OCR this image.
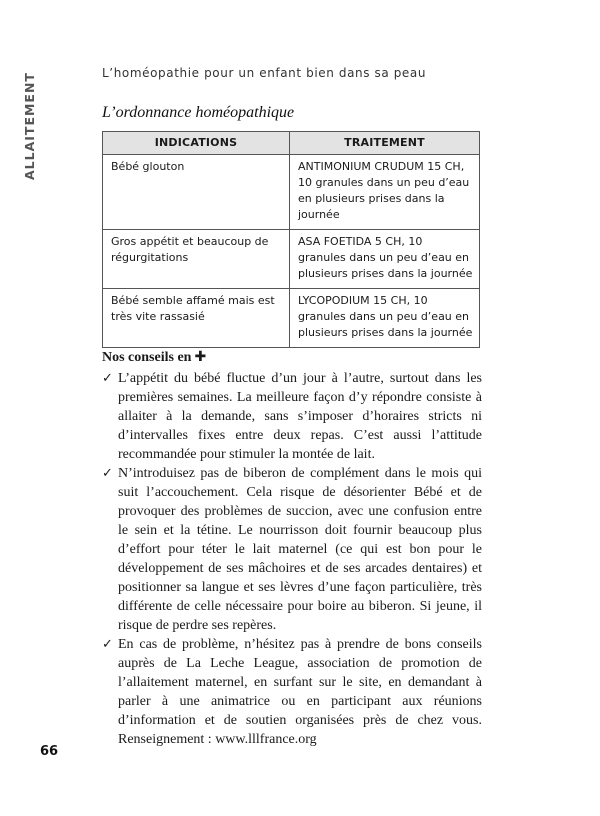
L’homéopathie pour un enfant bien dans sa peau
ALLAITEMENT	L’ordonnance homéopathique
INDICATIONS	TRAITEMENT
Bébé glouton	ANTIMONIUM CRUDUM 15 CH, 10 granules dans un peu d’eau en plusieurs prises dans la journée
Gros appétit et beaucoup de régurgitations	ASA FOETIDA 5 CH, 10 granules dans un peu d’eau en plusieurs prises dans la journée
Bébé semble affamé mais est très vite rassasié	LYCOPODIUM 15 CH, 10 granules dans un peu d’eau en plusieurs prises dans la journée
Nos conseils en ✚
✓ L’appétit du bébé fluctue d’un jour à l’autre, surtout dans les premières semaines. La meilleure façon d’y répondre consiste à allaiter à la demande, sans s’imposer d’horaires stricts ni d’intervalles fixes entre deux repas. C’est aussi l’attitude recommandée pour stimuler la montée de lait.
✓ N’introduisez pas de biberon de complément dans le mois qui suit l’accouchement. Cela risque de désorienter Bébé et de provoquer des problèmes de succion, avec une confusion entre le sein et la tétine. Le nourrisson doit fournir beaucoup plus d’effort pour téter le lait maternel (ce qui est bon pour le développement de ses mâchoires et de ses arcades dentaires) et positionner sa langue et ses lèvres d’une façon particulière, très différente de celle nécessaire pour boire au biberon. Si jeune, il risque de perdre ses repères.
✓ En cas de problème, n’hésitez pas à prendre de bons conseils auprès de La Leche League, association de promotion de l’allaitement maternel, en surfant sur le site, en demandant à parler à une animatrice ou en participant aux réunions d’information et de soutien organisées près de chez vous. Renseignement : www.lllfrance.org
66
